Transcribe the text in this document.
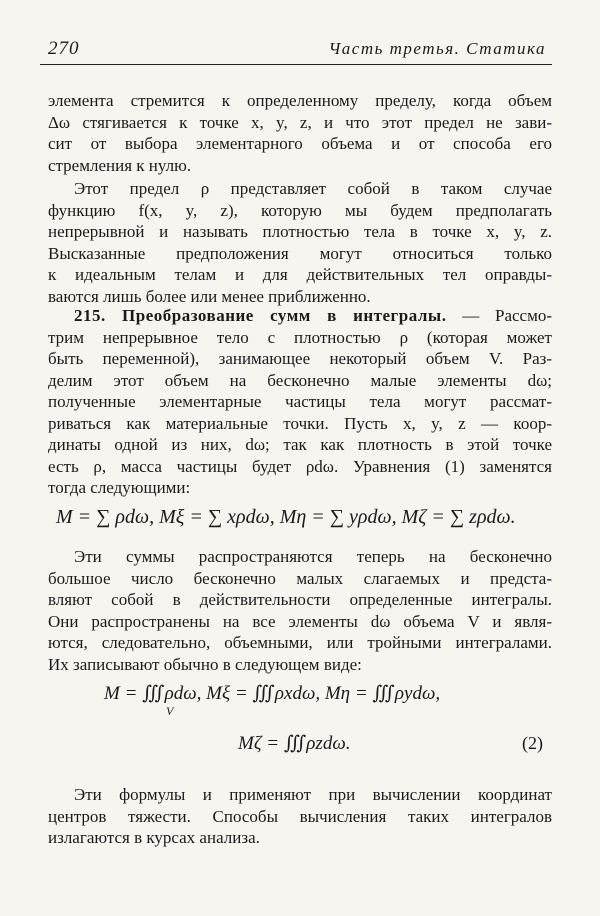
270	Часть третья. Статика
элемента стремится к определенному пределу, когда объем
Δω стягивается к точке x, y, z, и что этот предел не зави-
сит от выбора элементарного объема и от способа его
стремления к нулю.
Этот предел ρ представляет собой в таком случае
функцию f(x, y, z), которую мы будем предполагать
непрерывной и называть плотностью тела в точке x, y, z.
Высказанные предположения могут относиться только
к идеальным телам и для действительных тел оправды-
ваются лишь более или менее приближенно.
215. Преобразование сумм в интегралы. — Рассмо-
трим непрерывное тело с плотностью ρ (которая может
быть переменной), занимающее некоторый объем V. Раз-
делим этот объем на бесконечно малые элементы dω;
полученные элементарные частицы тела могут рассмат-
риваться как материальные точки. Пусть x, y, z — коор-
динаты одной из них, dω; так как плотность в этой точке
есть ρ, масса частицы будет ρdω. Уравнения (1) заменятся
тогда следующими:
M = ∑ ρdω, Mξ = ∑ xρdω, Mη = ∑ yρdω, Mζ = ∑ zρdω.
Эти суммы распространяются теперь на бесконечно
большое число бесконечно малых слагаемых и предста-
вляют собой в действительности определенные интегралы.
Они распространены на все элементы dω объема V и явля-
ются, следовательно, объемными, или тройными интегралами.
Их записывают обычно в следующем виде:
M = ∭ρdω, Mξ = ∭ρxdω, Mη = ∭ρydω,
V
Mζ = ∭ρzdω.	(2)
Эти формулы и применяют при вычислении координат
центров тяжести. Способы вычисления таких интегралов
излагаются в курсах анализа.
